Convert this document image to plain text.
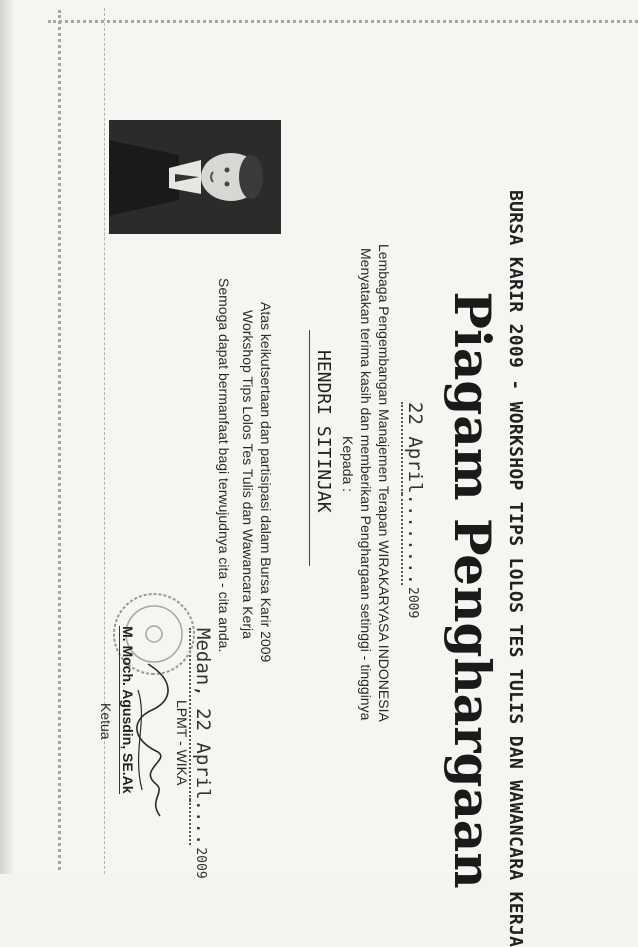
BURSA KARIR 2009 - WORKSHOP TIPS LOLOS TES TULIS DAN WAWANCARA KERJA
Piagam Penghargaan
22 April........2009
Lembaga Pengembangan Manajemen Terapan WIRAKARYASA INDONESIA
Menyatakan terima kasih dan memberikan Penghargaan setinggi - tingginya
Kepada :
HENDRI SITINJAK
Atas keikutsertaan dan partisipasi dalam Bursa Karir 2009
Workshop Tips Lolos Tes Tulis dan Wawancara Kerja
Semoga dapat bermanfaat bagi terwujudnya cita - cita anda.
Medan, 22 April....2009
LPMT - WIKA
M. Moch. Agusdin, SE.Ak
Ketua
